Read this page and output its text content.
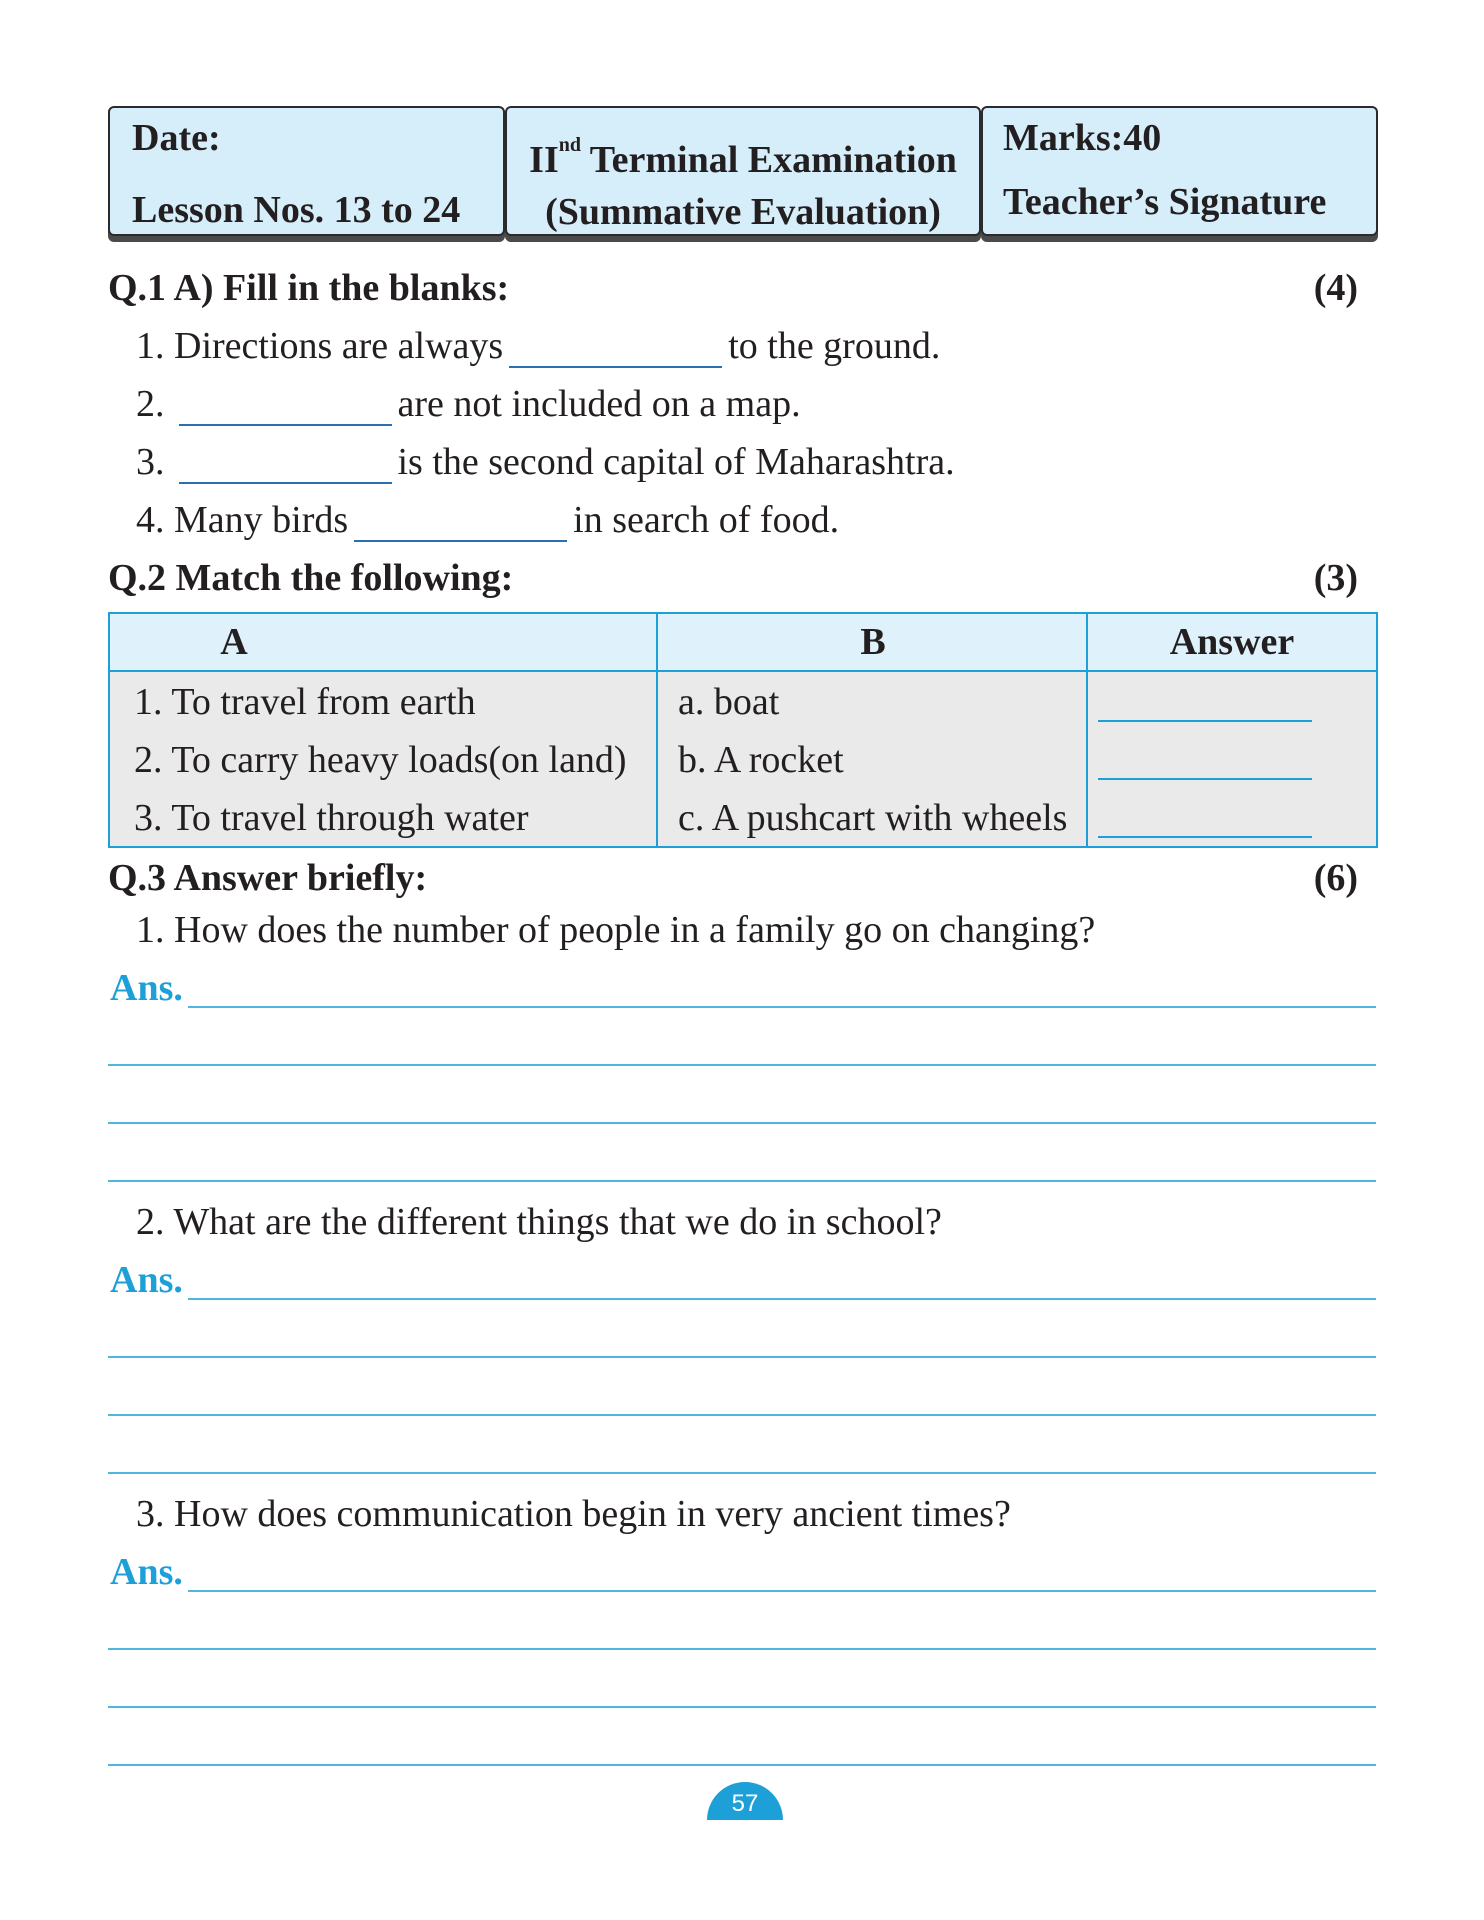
Date:
Lesson Nos. 13 to 24
IInd Terminal Examination
(Summative Evaluation)
Marks:40
Teacher’s Signature
Q.1 A) Fill in the blanks:	(4)
1. Directions are always	to the ground.
2.	are not included on a map.
3.	is the second capital of Maharashtra.
4. Many birds	in search of food.
Q.2 Match the following:	(3)
A	B	Answer
1. To travel from earth	a. boat
2. To carry heavy loads(on land) b. A rocket
3. To travel through water	c. A pushcart with wheels
Q.3 Answer briefly:	(6)
1. How does the number of people in a family go on changing?
Ans.
2. What are the different things that we do in school?
Ans.
3. How does communication begin in very ancient times?
Ans.
57
